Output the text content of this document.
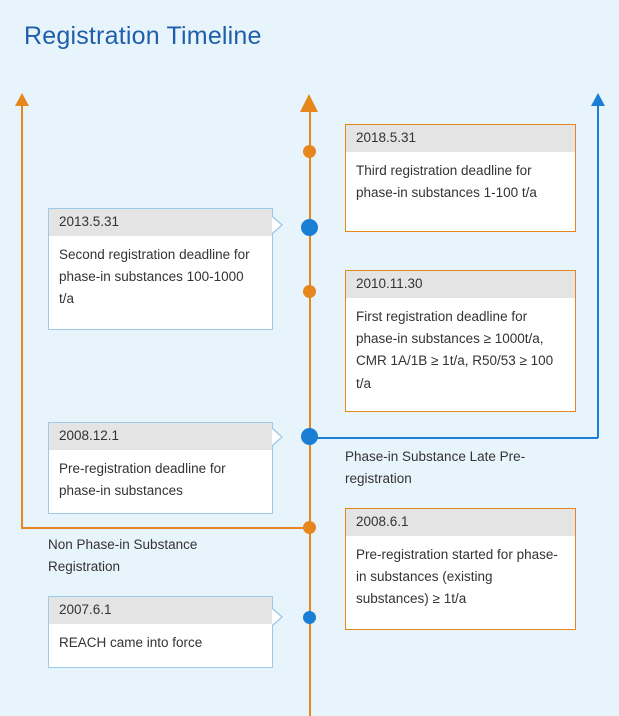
Registration Timeline
2018.5.31
Third registration deadline for phase-in substances 1-100 t/a
2013.5.31
Second registration deadline for phase-in substances 100-1000 t/a
2010.11.30
First registration deadline for phase-in substances ≥ 1000t/a, CMR 1A/1B ≥ 1t/a, R50/53 ≥ 100 t/a
2008.12.1
Pre-registration deadline for phase-in substances
Phase-in Substance Late Pre-registration
2008.6.1
Pre-registration started for phase-in substances (existing substances) ≥ 1t/a
Non Phase-in Substance Registration
2007.6.1
REACH came into force
